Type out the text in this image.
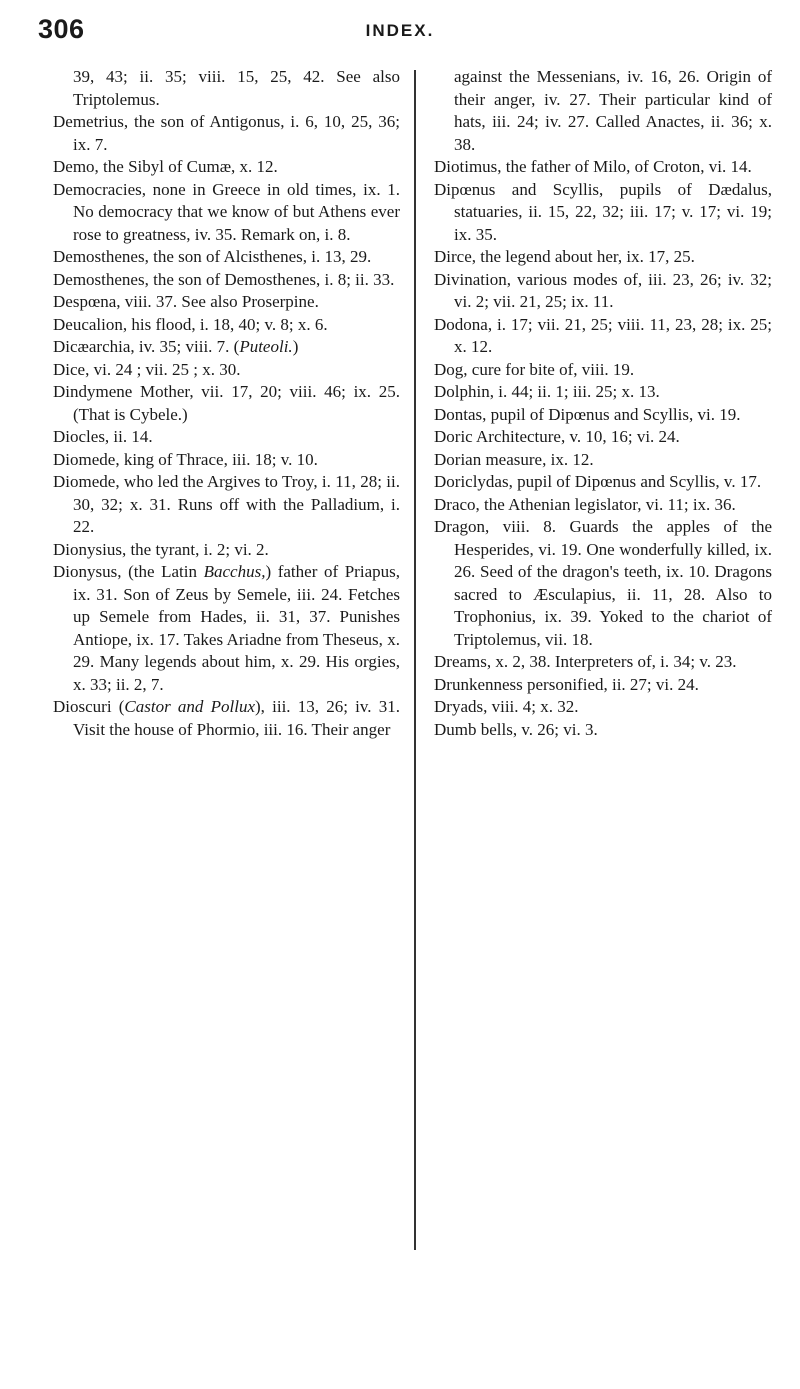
306	INDEX.
39, 43; ii. 35; viii. 15, 25, 42. See also Triptolemus.
Demetrius, the son of Antigonus, i. 6, 10, 25, 36; ix. 7.
Demo, the Sibyl of Cumæ, x. 12.
Democracies, none in Greece in old times, ix. 1. No democracy that we know of but Athens ever rose to greatness, iv. 35. Remark on, i. 8.
Demosthenes, the son of Alcisthenes, i. 13, 29.
Demosthenes, the son of Demosthenes, i. 8; ii. 33.
Despœna, viii. 37. See also Proserpine.
Deucalion, his flood, i. 18, 40; v. 8; x. 6.
Dicæarchia, iv. 35; viii. 7. (Puteoli.)
Dice, vi. 24 ; vii. 25 ; x. 30.
Dindymene Mother, vii. 17, 20; viii. 46; ix. 25. (That is Cybele.)
Diocles, ii. 14.
Diomede, king of Thrace, iii. 18; v. 10.
Diomede, who led the Argives to Troy, i. 11, 28; ii. 30, 32; x. 31. Runs off with the Palladium, i. 22.
Dionysius, the tyrant, i. 2; vi. 2.
Dionysus, (the Latin Bacchus,) father of Priapus, ix. 31. Son of Zeus by Semele, iii. 24. Fetches up Semele from Hades, ii. 31, 37. Punishes Antiope, ix. 17. Takes Ariadne from Theseus, x. 29. Many legends about him, x. 29. His orgies, x. 33; ii. 2, 7.
Dioscuri (Castor and Pollux), iii. 13, 26; iv. 31. Visit the house of Phormio, iii. 16. Their anger
against the Messenians, iv. 16, 26. Origin of their anger, iv. 27. Their particular kind of hats, iii. 24; iv. 27. Called Anactes, ii. 36; x. 38.
Diotimus, the father of Milo, of Croton, vi. 14.
Dipœnus and Scyllis, pupils of Dædalus, statuaries, ii. 15, 22, 32; iii. 17; v. 17; vi. 19; ix. 35.
Dirce, the legend about her, ix. 17, 25.
Divination, various modes of, iii. 23, 26; iv. 32; vi. 2; vii. 21, 25; ix. 11.
Dodona, i. 17; vii. 21, 25; viii. 11, 23, 28; ix. 25; x. 12.
Dog, cure for bite of, viii. 19.
Dolphin, i. 44; ii. 1; iii. 25; x. 13.
Dontas, pupil of Dipœnus and Scyllis, vi. 19.
Doric Architecture, v. 10, 16; vi. 24.
Dorian measure, ix. 12.
Doriclydas, pupil of Dipœnus and Scyllis, v. 17.
Draco, the Athenian legislator, vi. 11; ix. 36.
Dragon, viii. 8. Guards the apples of the Hesperides, vi. 19. One wonderfully killed, ix. 26. Seed of the dragon's teeth, ix. 10. Dragons sacred to Æsculapius, ii. 11, 28. Also to Trophonius, ix. 39. Yoked to the chariot of Triptolemus, vii. 18.
Dreams, x. 2, 38. Interpreters of, i. 34; v. 23.
Drunkenness personified, ii. 27; vi. 24.
Dryads, viii. 4; x. 32.
Dumb bells, v. 26; vi. 3.
